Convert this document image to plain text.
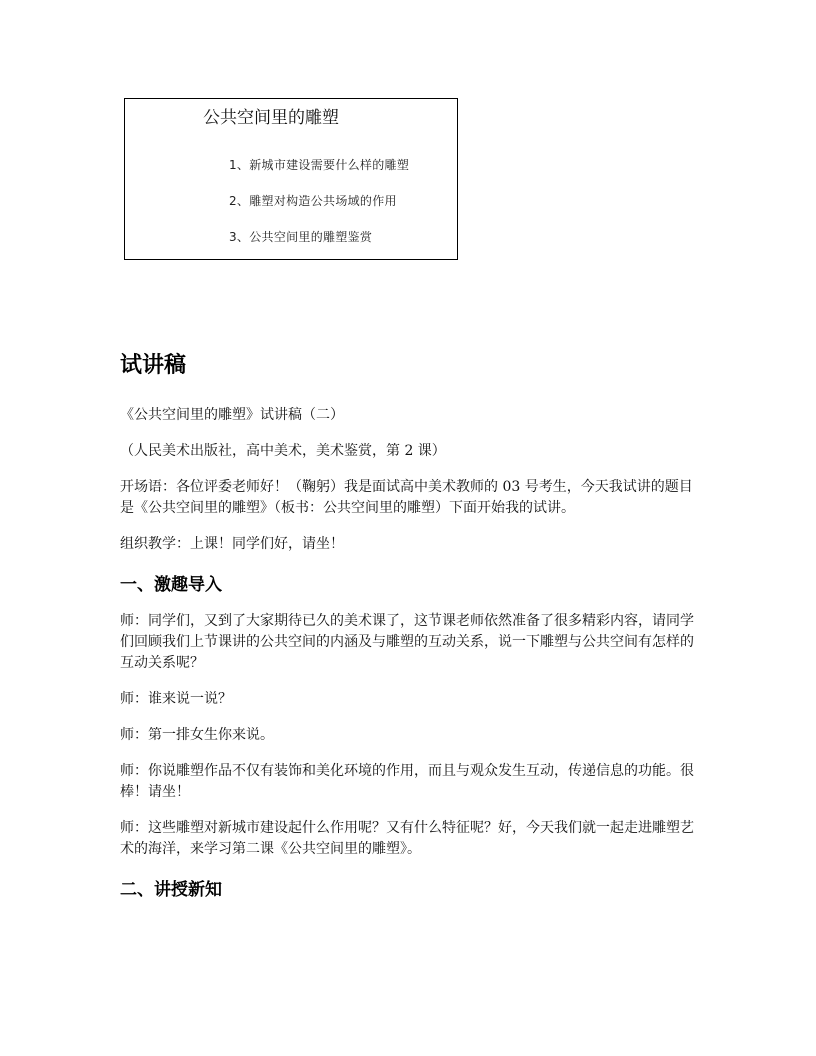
公共空间里的雕塑
1、新城市建设需要什么样的雕塑
2、雕塑对构造公共场域的作用
3、公共空间里的雕塑鉴赏
试讲稿

《公共空间里的雕塑》试讲稿（二）

（人民美术出版社，高中美术，美术鉴赏，第 2 课）

开场语：各位评委老师好！（鞠躬）我是面试高中美术教师的 03 号考生，今天我试讲的题目是《公共空间里的雕塑》（板书：公共空间里的雕塑）下面开始我的试讲。

组织教学：上课！同学们好，请坐！

一、激趣导入

师：同学们，又到了大家期待已久的美术课了，这节课老师依然准备了很多精彩内容，请同学们回顾我们上节课讲的公共空间的内涵及与雕塑的互动关系，说一下雕塑与公共空间有怎样的互动关系呢？

师：谁来说一说？

师：第一排女生你来说。

师：你说雕塑作品不仅有装饰和美化环境的作用，而且与观众发生互动，传递信息的功能。很棒！请坐！

师：这些雕塑对新城市建设起什么作用呢？又有什么特征呢？好，今天我们就一起走进雕塑艺术的海洋，来学习第二课《公共空间里的雕塑》。

二、讲授新知
